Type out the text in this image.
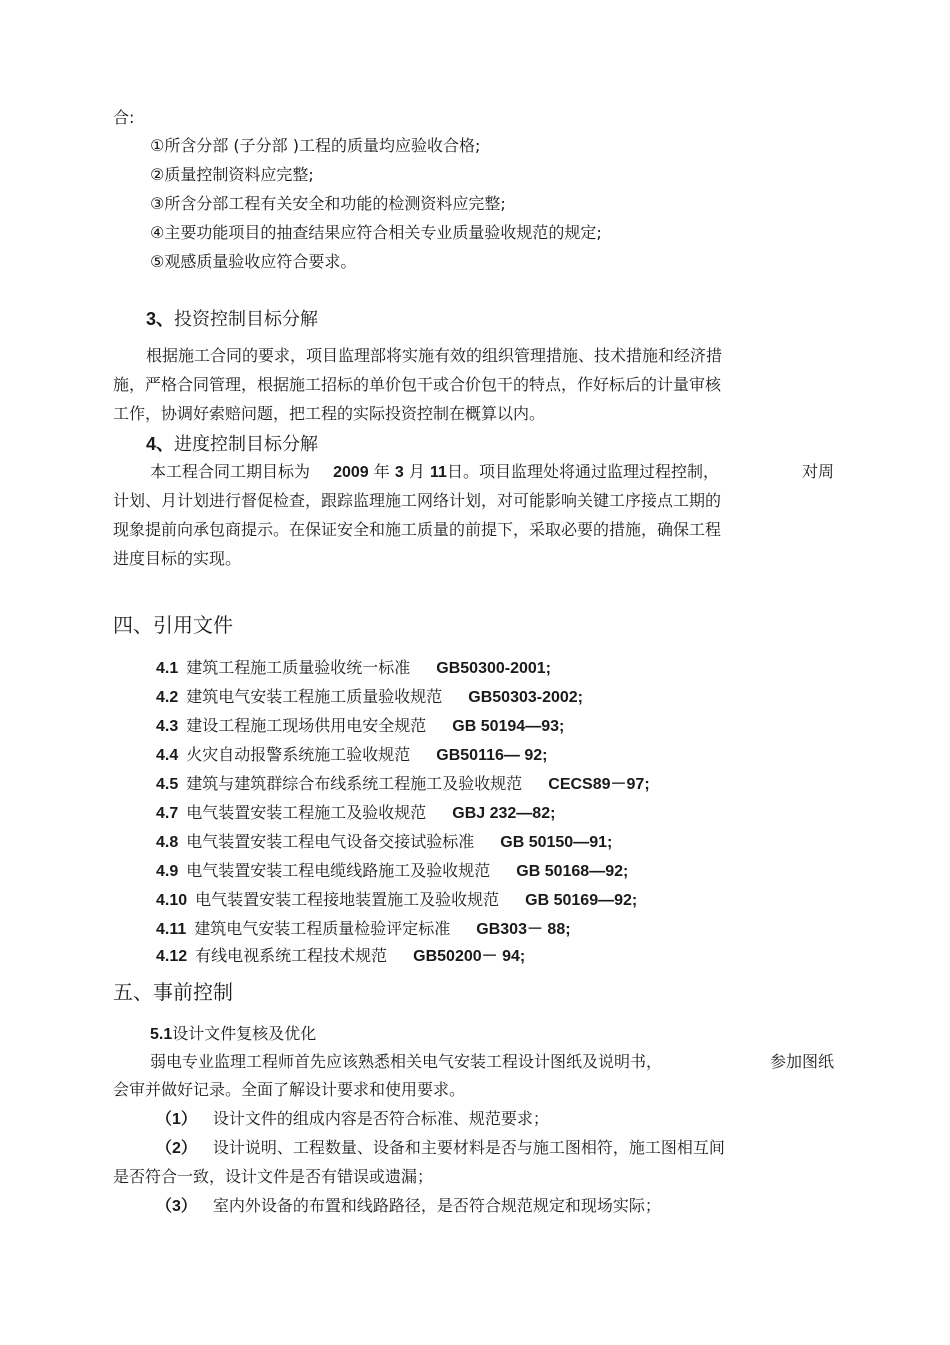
合:
①所含分部 (子分部 )工程的质量均应验收合格;
②质量控制资料应完整;
③所含分部工程有关安全和功能的检测资料应完整;
④主要功能项目的抽查结果应符合相关专业质量验收规范的规定;
⑤观感质量验收应符合要求。
3、投资控制目标分解
根据施工合同的要求，项目监理部将实施有效的组织管理措施、技术措施和经济措
施，严格合同管理，根据施工招标的单价包干或合价包干的特点，作好标后的计量审核
工作，协调好索赔问题，把工程的实际投资控制在概算以内。
4、进度控制目标分解
本工程合同工期目标为 2009 年 3 月 11日。项目监理处将通过监理过程控制，	对周
计划、月计划进行督促检查，跟踪监理施工网络计划，对可能影响关键工序接点工期的
现象提前向承包商提示。在保证安全和施工质量的前提下，采取必要的措施，确保工程
进度目标的实现。
四、引用文件
4.1 建筑工程施工质量验收统一标准 GB50300-2001;
4.2 建筑电气安装工程施工质量验收规范 GB50303-2002;
4.3 建设工程施工现场供用电安全规范 GB 50194—93;
4.4 火灾自动报警系统施工验收规范 GB50116— 92;
4.5 建筑与建筑群综合布线系统工程施工及验收规范 CECS89－97;
4.7 电气装置安装工程施工及验收规范 GBJ 232—82;
4.8 电气装置安装工程电气设备交接试验标准 GB 50150—91;
4.9 电气装置安装工程电缆线路施工及验收规范 GB 50168—92;
4.10 电气装置安装工程接地装置施工及验收规范 GB 50169—92;
4.11 建筑电气安装工程质量检验评定标准 GB303－ 88;
4.12 有线电视系统工程技术规范 GB50200－ 94;
五、事前控制
5.1设计文件复核及优化
弱电专业监理工程师首先应该熟悉相关电气安装工程设计图纸及说明书，	参加图纸
会审并做好记录。全面了解设计要求和使用要求。
（1） 设计文件的组成内容是否符合标准、规范要求；
（2） 设计说明、工程数量、设备和主要材料是否与施工图相符，施工图相互间
是否符合一致，设计文件是否有错误或遗漏；
（3） 室内外设备的布置和线路路径，是否符合规范规定和现场实际；
